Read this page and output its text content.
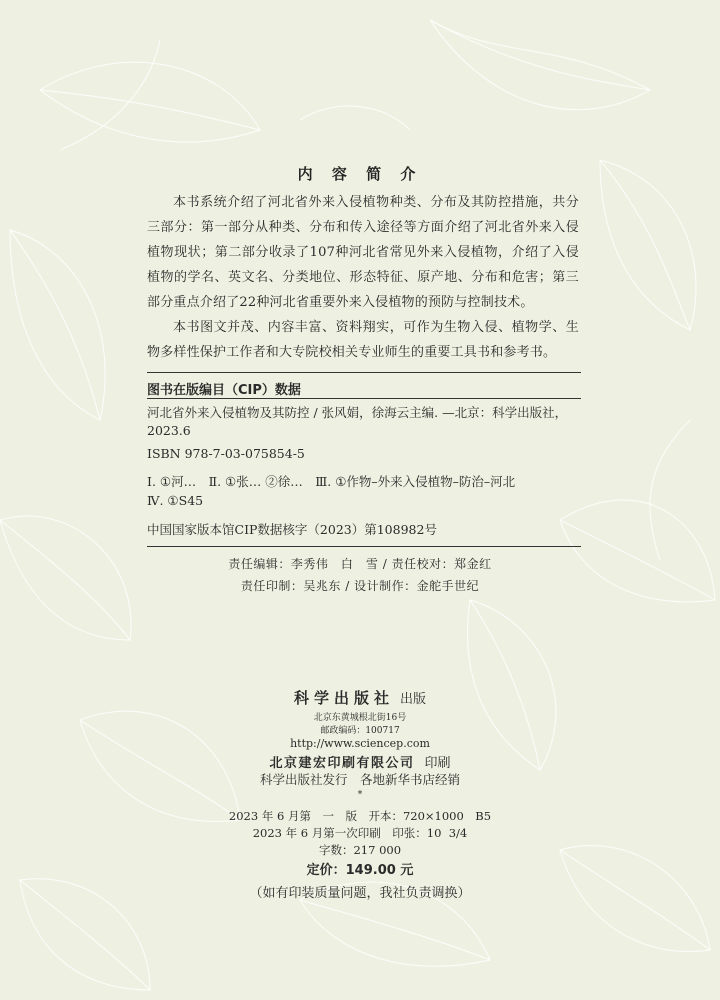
内 容 简 介

本书系统介绍了河北省外来入侵植物种类、分布及其防控措施，共分三部分：第一部分从种类、分布和传入途径等方面介绍了河北省外来入侵植物现状；第二部分收录了107种河北省常见外来入侵植物，介绍了入侵植物的学名、英文名、分类地位、形态特征、原产地、分布和危害；第三部分重点介绍了22种河北省重要外来入侵植物的预防与控制技术。

本书图文并茂、内容丰富、资料翔实，可作为生物入侵、植物学、生物多样性保护工作者和大专院校相关专业师生的重要工具书和参考书。

图书在版编目（CIP）数据
河北省外来入侵植物及其防控 / 张风娟，徐海云主编. —北京：科学出版社，2023.6
ISBN 978-7-03-075854-5
Ⅰ. ①河…　Ⅱ. ①张… ②徐…　Ⅲ. ①作物–外来入侵植物–防治–河北
Ⅳ. ①S45
中国国家版本馆CIP数据核字（2023）第108982号
责任编辑：李秀伟　白　雪 / 责任校对：郑金红
责任印制：吴兆东 / 设计制作：金舵手世纪
科学出版社 出版
北京东黄城根北街16号
邮政编码：100717
http://www.sciencep.com
北京建宏印刷有限公司 印刷
科学出版社发行　各地新华书店经销
*
2023 年 6 月第　一　版　开本：720×1000　B5
2023 年 6 月第一次印刷　印张：10  3/4
字数：217 000
定价：149.00 元
（如有印装质量问题，我社负责调换）
